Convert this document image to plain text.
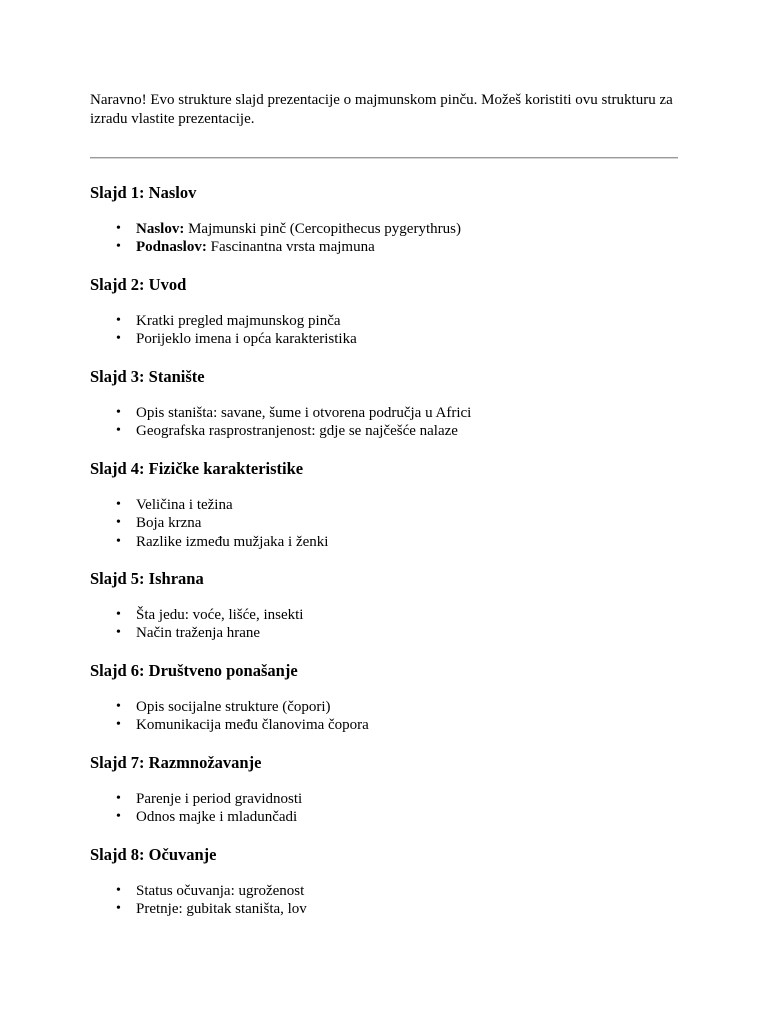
Naravno! Evo strukture slajd prezentacije o majmunskom pinču. Možeš koristiti ovu strukturu za izradu vlastite prezentacije.

Slajd 1: Naslov
• Naslov: Majmunski pinč (Cercopithecus pygerythrus)
• Podnaslov: Fascinantna vrsta majmuna
Slajd 2: Uvod
• Kratki pregled majmunskog pinča
• Porijeklo imena i opća karakteristika
Slajd 3: Stanište
• Opis staništa: savane, šume i otvorena područja u Africi
• Geografska rasprostranjenost: gdje se najčešće nalaze
Slajd 4: Fizičke karakteristike
• Veličina i težina
• Boja krzna
• Razlike između mužjaka i ženki
Slajd 5: Ishrana
• Šta jedu: voće, lišće, insekti
• Način traženja hrane
Slajd 6: Društveno ponašanje
• Opis socijalne strukture (čopori)
• Komunikacija među članovima čopora
Slajd 7: Razmnožavanje
• Parenje i period gravidnosti
• Odnos majke i mladunčadi
Slajd 8: Očuvanje
• Status očuvanja: ugroženost
• Pretnje: gubitak staništa, lov
